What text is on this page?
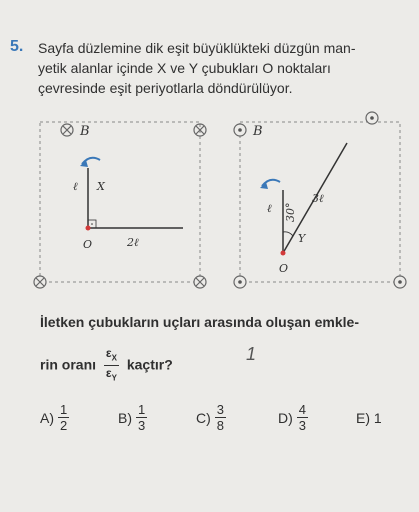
5. Sayfa düzlemine dik eşit büyüklükteki düzgün man-
yetik alanlar içinde X ve Y çubukları O noktaları
çevresinde eşit periyotlarla döndürülüyor.
B	B
ℓ X
O	2ℓ
ℓ 30°
Y
O
3ℓ
İletken çubukların uçları arasında oluşan emkle-
rin oranı $\frac{\varepsilon_X}{\varepsilon_Y}$ kaçtır?
1
$A) \frac{1}{2}$	$B) \frac{1}{3}$	$C) \frac{3}{8}$	$D) \frac{4}{3}$	E)
1
